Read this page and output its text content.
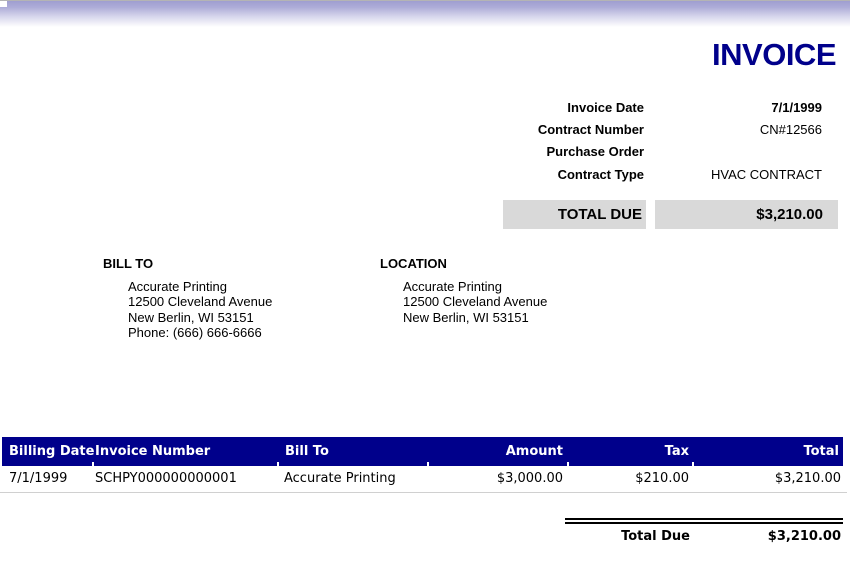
INVOICE
Invoice Date	7/1/1999
Contract Number	CN#12566
Purchase Order
Contract Type	HVAC CONTRACT
TOTAL DUE	$3,210.00
BILL TO
Accurate Printing
12500 Cleveland Avenue
New Berlin, WI 53151
Phone: (666) 666-6666
LOCATION
Accurate Printing
12500 Cleveland Avenue
New Berlin, WI 53151
Billing Date Invoice Number	Bill To	Amount	Tax	Total
7/1/1999 SCHPY000000000001	Accurate Printing	$3,000.00	$210.00	$3,210.00
Total Due	$3,210.00
